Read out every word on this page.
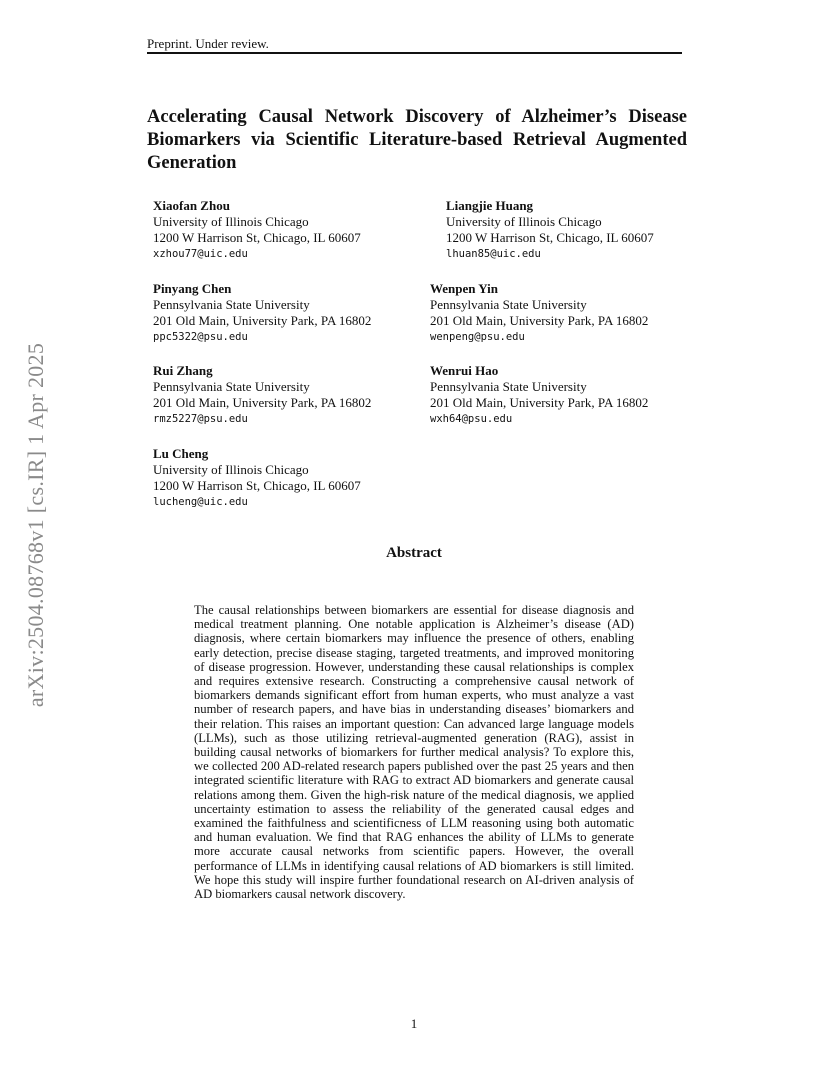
Preprint. Under review.
arXiv:2504.08768v1 [cs.IR] 1 Apr 2025
Accelerating Causal Network Discovery of Alzheimer’s Disease Biomarkers via Scientific Literature-based Retrieval Augmented Generation
Xiaofan Zhou
University of Illinois Chicago
1200 W Harrison St, Chicago, IL 60607
xzhou77@uic.edu
Liangjie Huang
University of Illinois Chicago
1200 W Harrison St, Chicago, IL 60607
lhuan85@uic.edu
Pinyang Chen
Pennsylvania State University
201 Old Main, University Park, PA 16802
ppc5322@psu.edu
Wenpen Yin
Pennsylvania State University
201 Old Main, University Park, PA 16802
wenpeng@psu.edu
Rui Zhang
Pennsylvania State University
201 Old Main, University Park, PA 16802
rmz5227@psu.edu
Wenrui Hao
Pennsylvania State University
201 Old Main, University Park, PA 16802
wxh64@psu.edu
Lu Cheng
University of Illinois Chicago
1200 W Harrison St, Chicago, IL 60607
lucheng@uic.edu
Abstract

The causal relationships between biomarkers are essential for disease diagnosis and medical treatment planning. One notable application is Alzheimer’s disease (AD) diagnosis, where certain biomarkers may influence the presence of others, enabling early detection, precise disease staging, targeted treatments, and improved monitoring of disease progression. However, understanding these causal relationships is complex and requires extensive research. Constructing a comprehensive causal network of biomarkers demands significant effort from human experts, who must analyze a vast number of research papers, and have bias in understanding diseases’ biomarkers and their relation. This raises an important question: Can advanced large language models (LLMs), such as those utilizing retrieval-augmented generation (RAG), assist in building causal networks of biomarkers for further medical analysis? To explore this, we collected 200 AD-related research papers published over the past 25 years and then integrated scientific literature with RAG to extract AD biomarkers and generate causal relations among them. Given the high-risk nature of the medical diagnosis, we applied uncertainty estimation to assess the reliability of the generated causal edges and examined the faithfulness and scientificness of LLM reasoning using both automatic and human evaluation. We find that RAG enhances the ability of LLMs to generate more accurate causal networks from scientific papers. However, the overall performance of LLMs in identifying causal relations of AD biomarkers is still limited. We hope this study will inspire further foundational research on AI-driven analysis of AD biomarkers causal network discovery.

1
